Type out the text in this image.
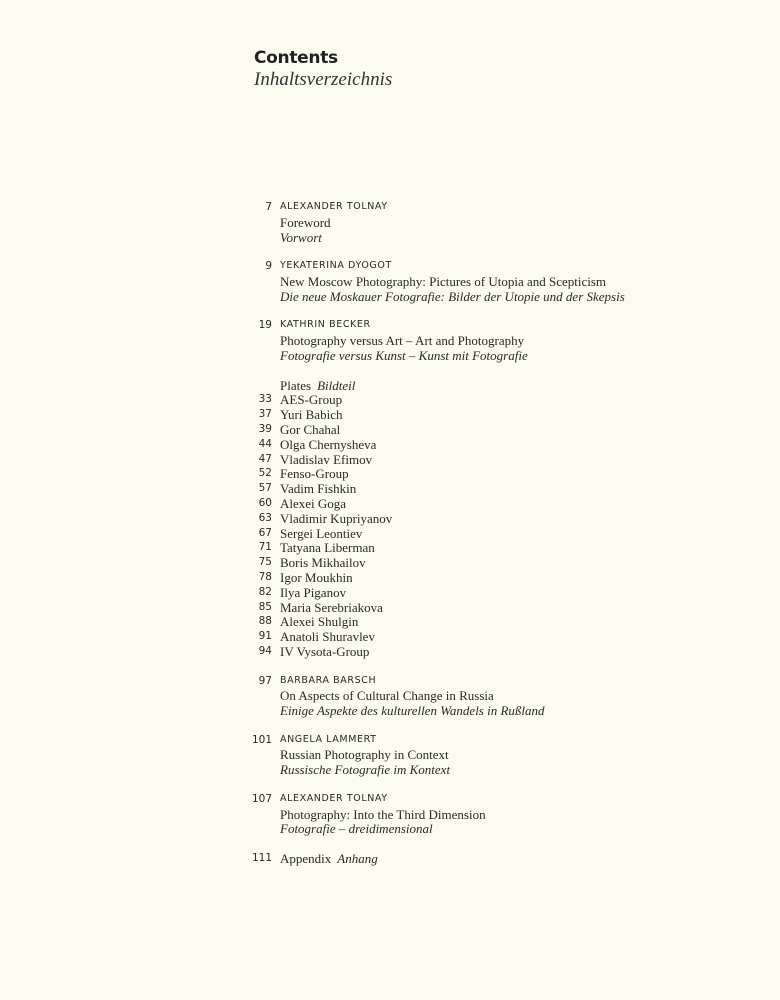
Contents
Inhaltsverzeichnis
7 ALEXANDER TOLNAY
Foreword
Vorwort
9 YEKATERINA DYOGOT
New Moscow Photography: Pictures of Utopia and Scepticism
Die neue Moskauer Fotografie: Bilder der Utopie und der Skepsis
19 KATHRIN BECKER
Photography versus Art – Art and Photography
Fotografie versus Kunst – Kunst mit Fotografie
Plates Bildteil
33 AES-Group
37 Yuri Babich
39 Gor Chahal
44 Olga Chernysheva
47 Vladislav Efimov
52 Fenso-Group
57 Vadim Fishkin
60 Alexei Goga
63 Vladimir Kupriyanov
67 Sergei Leontiev
71 Tatyana Liberman
75 Boris Mikhailov
78 Igor Moukhin
82 Ilya Piganov
85 Maria Serebriakova
88 Alexei Shulgin
91 Anatoli Shuravlev
94 IV Vysota-Group
97 BARBARA BARSCH
On Aspects of Cultural Change in Russia
Einige Aspekte des kulturellen Wandels in Rußland
101 ANGELA LAMMERT
Russian Photography in Context
Russische Fotografie im Kontext
107 ALEXANDER TOLNAY
Photography: Into the Third Dimension
Fotografie – dreidimensional
111 Appendix Anhang
